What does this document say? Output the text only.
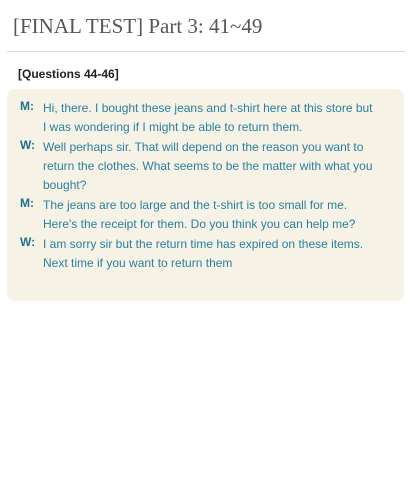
[FINAL TEST] Part 3: 41~49
[Questions 44-46]
M: Hi, there. I bought these jeans and t-shirt here at this store but
I was wondering if I might be able to return them.
W: Well perhaps sir. That will depend on the reason you want to
return the clothes. What seems to be the matter with what you
bought?
M: The jeans are too large and the t-shirt is too small for me.
Here's the receipt for them. Do you think you can help me?
W: I am sorry sir but the return time has expired on these items.
Next time if you want to return them
